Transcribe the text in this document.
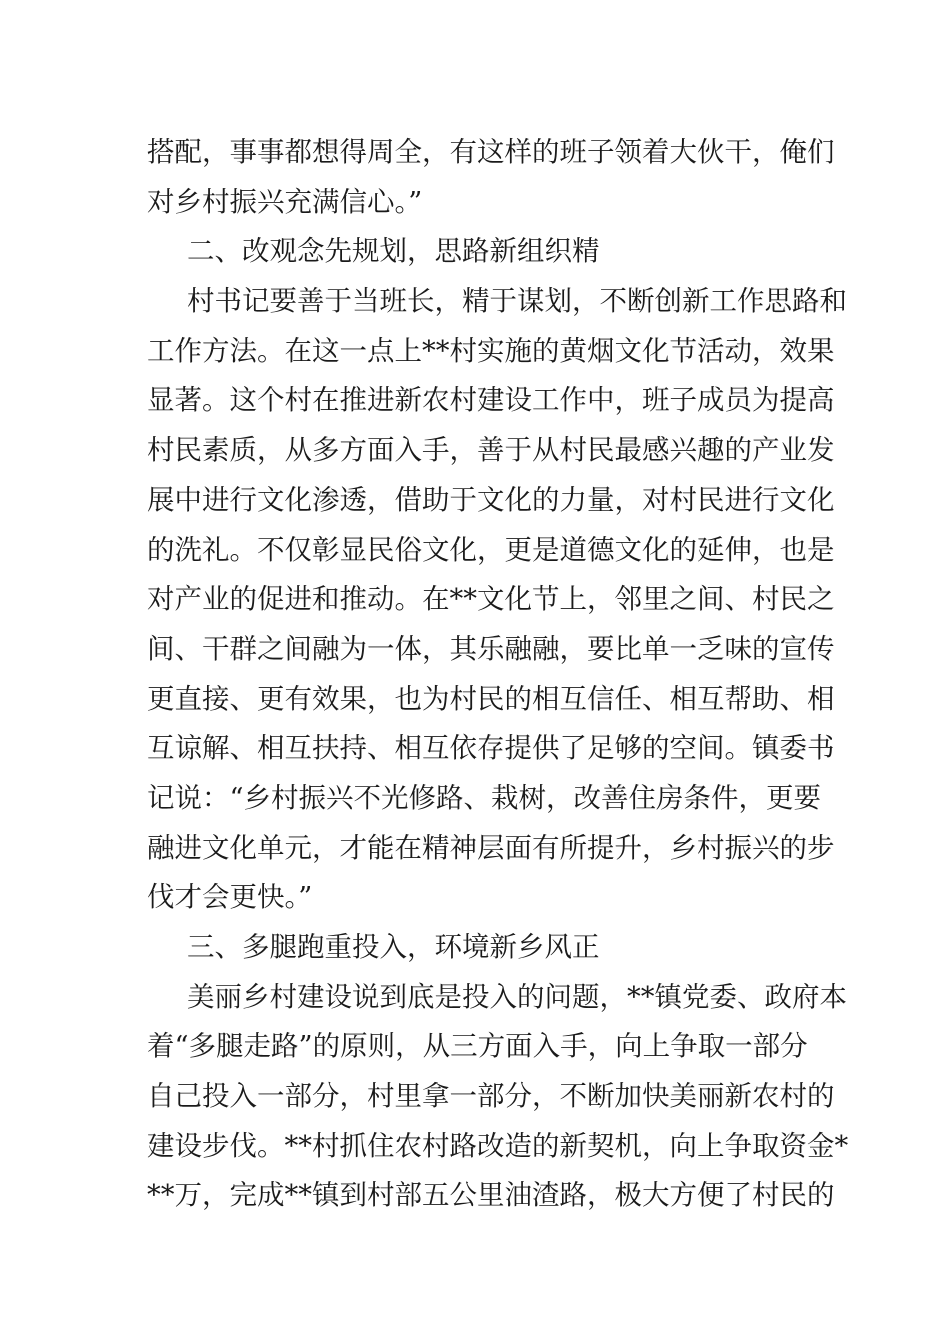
搭配，事事都想得周全，有这样的班子领着大伙干，俺们
对乡村振兴充满信心。”
二、改观念先规划，思路新组织精
村书记要善于当班长，精于谋划，不断创新工作思路和
工作方法。在这一点上**村实施的黄烟文化节活动，效果
显著。这个村在推进新农村建设工作中，班子成员为提高
村民素质，从多方面入手，善于从村民最感兴趣的产业发
展中进行文化渗透，借助于文化的力量，对村民进行文化
的洗礼。不仅彰显民俗文化，更是道德文化的延伸，也是
对产业的促进和推动。在**文化节上，邻里之间、村民之
间、干群之间融为一体，其乐融融，要比单一乏味的宣传
更直接、更有效果，也为村民的相互信任、相互帮助、相
互谅解、相互扶持、相互依存提供了足够的空间。镇委书
记说：“乡村振兴不光修路、栽树，改善住房条件，更要
融进文化单元，才能在精神层面有所提升，乡村振兴的步
伐才会更快。”
三、多腿跑重投入，环境新乡风正
美丽乡村建设说到底是投入的问题，**镇党委、政府本
着“多腿走路”的原则，从三方面入手，向上争取一部分
自己投入一部分，村里拿一部分，不断加快美丽新农村的
建设步伐。**村抓住农村路改造的新契机，向上争取资金*
**万，完成**镇到村部五公里油渣路，极大方便了村民的
